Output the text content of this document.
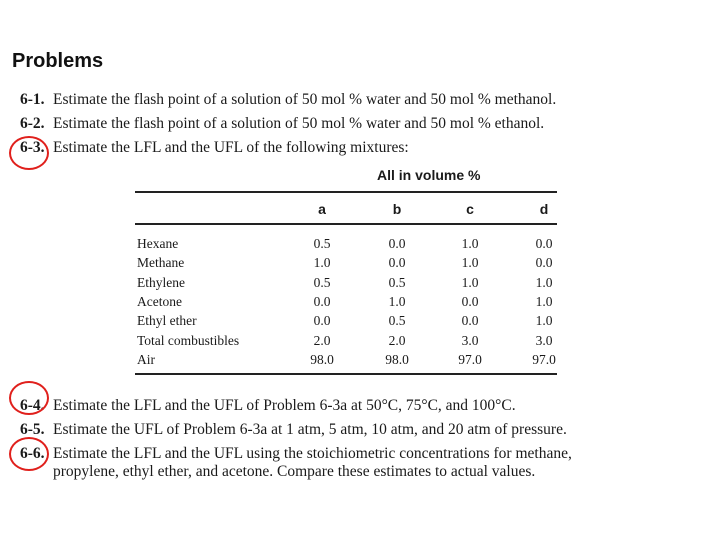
Problems
6-1. Estimate the flash point of a solution of 50 mol % water and 50 mol % methanol.
6-2. Estimate the flash point of a solution of 50 mol % water and 50 mol % ethanol.
6-3. Estimate the LFL and the UFL of the following mixtures:
All in volume %
a	b	c	d
Hexane	0.5	0.0	1.0	0.0
Methane	1.0	0.0	1.0	0.0
Ethylene	0.5	0.5	1.0	1.0
Acetone	0.0	1.0	0.0	1.0
Ethyl ether	0.0	0.5	0.0	1.0
Total combustibles	2.0	2.0	3.0	3.0
Air	98.0	98.0	97.0	97.0
6-4. Estimate the LFL and the UFL of Problem 6-3a at 50°C, 75°C, and 100°C.
6-5. Estimate the UFL of Problem 6-3a at 1 atm, 5 atm, 10 atm, and 20 atm of pressure.
6-6. Estimate the LFL and the UFL using the stoichiometric concentrations for methane,
propylene, ethyl ether, and acetone. Compare these estimates to actual values.
